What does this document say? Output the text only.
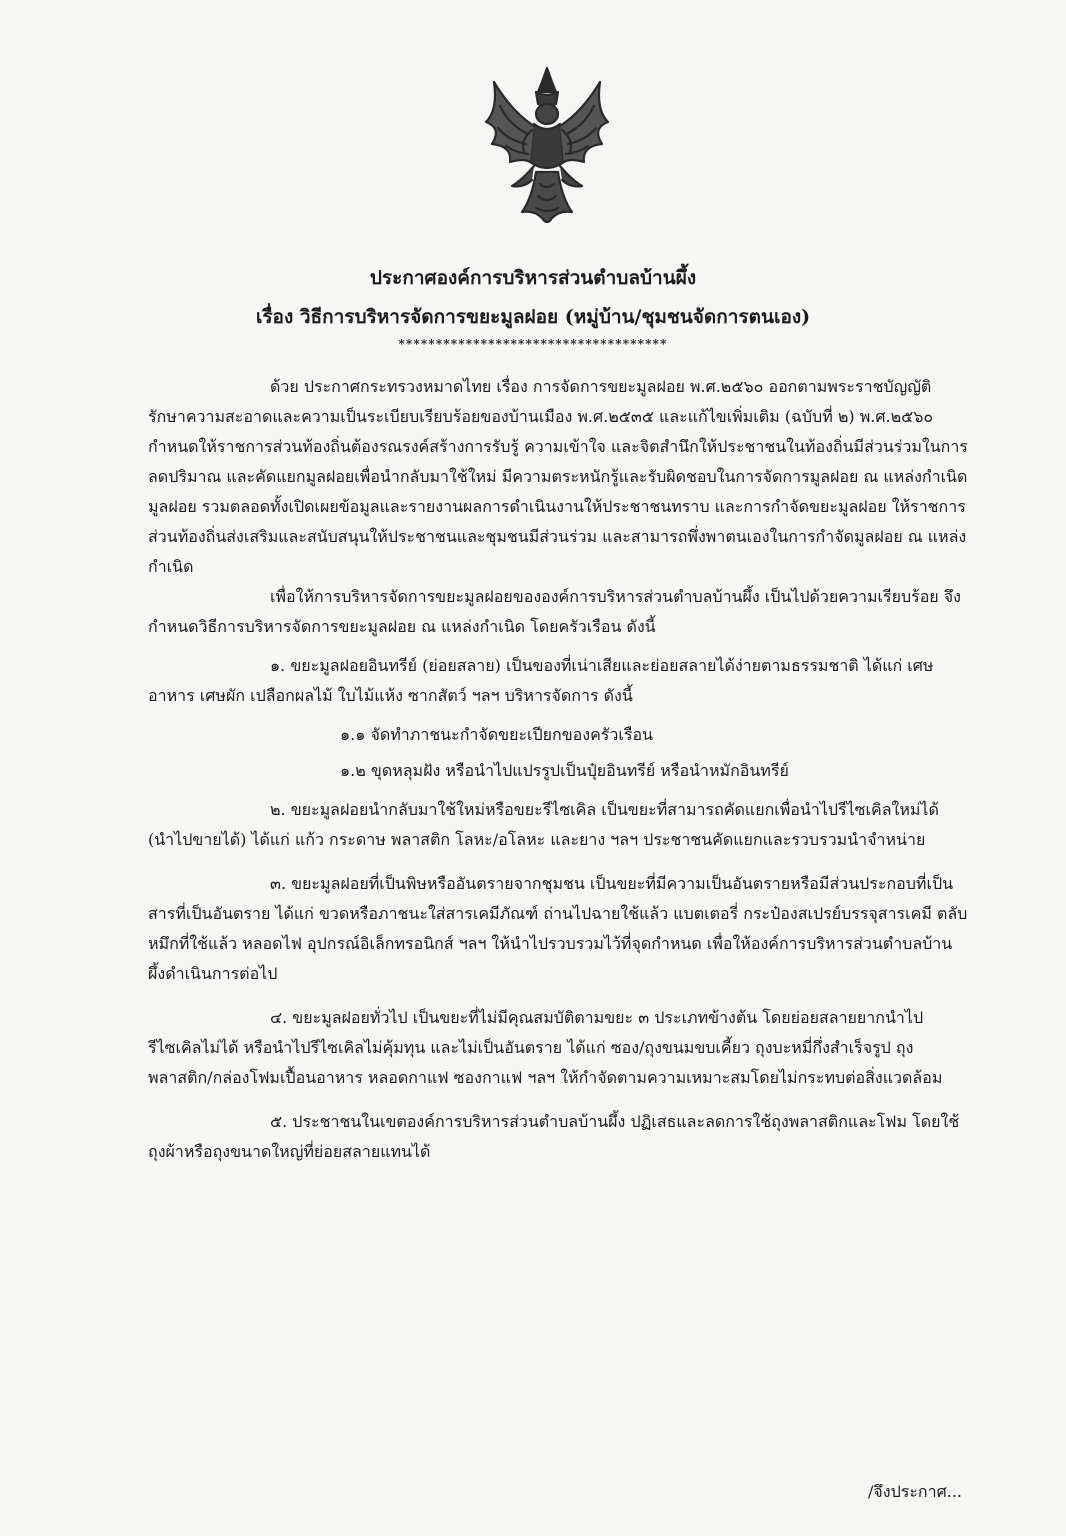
ประกาศองค์การบริหารส่วนตำบลบ้านผึ้ง
เรื่อง วิธีการบริหารจัดการขยะมูลฝอย (หมู่บ้าน/ชุมชนจัดการตนเอง)
************************************

ด้วย ประกาศกระทรวงหมาดไทย เรื่อง การจัดการขยะมูลฝอย พ.ศ.๒๕๖๐ ออกตามพระราชบัญญัติรักษาความสะอาดและความเป็นระเบียบเรียบร้อยของบ้านเมือง พ.ศ.๒๕๓๕ และแก้ไขเพิ่มเติม (ฉบับที่ ๒) พ.ศ.๒๕๖๐ กำหนดให้ราชการส่วนท้องถิ่นต้องรณรงค์สร้างการรับรู้ ความเข้าใจ และจิตสำนึกให้ประชาชนในท้องถิ่นมีส่วนร่วมในการลดปริมาณ และคัดแยกมูลฝอยเพื่อนำกลับมาใช้ใหม่ มีความตระหนักรู้และรับผิดชอบในการจัดการมูลฝอย ณ แหล่งกำเนิดมูลฝอย รวมตลอดทั้งเปิดเผยข้อมูลและรายงานผลการดำเนินงานให้ประชาชนทราบ และการกำจัดขยะมูลฝอย ให้ราชการส่วนท้องถิ่นส่งเสริมและสนับสนุนให้ประชาชนและชุมชนมีส่วนร่วม และสามารถพึ่งพาตนเองในการกำจัดมูลฝอย ณ แหล่งกำเนิด

เพื่อให้การบริหารจัดการขยะมูลฝอยขององค์การบริหารส่วนตำบลบ้านผึ้ง เป็นไปด้วยความเรียบร้อย จึงกำหนดวิธีการบริหารจัดการขยะมูลฝอย ณ แหล่งกำเนิด โดยครัวเรือน ดังนี้

๑. ขยะมูลฝอยอินทรีย์ (ย่อยสลาย) เป็นของที่เน่าเสียและย่อยสลายได้ง่ายตามธรรมชาติ ได้แก่ เศษอาหาร เศษผัก เปลือกผลไม้ ใบไม้แห้ง ซากสัตว์ ฯลฯ บริหารจัดการ ดังนี้

๑.๑ จัดทำภาชนะกำจัดขยะเปียกของครัวเรือน

๑.๒ ขุดหลุมฝัง หรือนำไปแปรรูปเป็นปุ๋ยอินทรีย์ หรือนำหมักอินทรีย์

๒. ขยะมูลฝอยนำกลับมาใช้ใหม่หรือขยะรีไซเคิล เป็นขยะที่สามารถคัดแยกเพื่อนำไปรีไซเคิลใหม่ได้ (นำไปขายได้) ได้แก่ แก้ว กระดาษ พลาสติก โลหะ/อโลหะ และยาง ฯลฯ ประชาชนคัดแยกและรวบรวมนำจำหน่าย

๓. ขยะมูลฝอยที่เป็นพิษหรืออันตรายจากชุมชน เป็นขยะที่มีความเป็นอันตรายหรือมีส่วนประกอบที่เป็นสารที่เป็นอันตราย ได้แก่ ขวดหรือภาชนะใส่สารเคมีภัณฑ์ ถ่านไปฉายใช้แล้ว แบตเตอรี่ กระป๋องสเปรย์บรรจุสารเคมี ตลับหมึกที่ใช้แล้ว หลอดไฟ อุปกรณ์อิเล็กทรอนิกส์ ฯลฯ ให้นำไปรวบรวมไว้ที่จุดกำหนด เพื่อให้องค์การบริหารส่วนตำบลบ้านผึ้งดำเนินการต่อไป

๔. ขยะมูลฝอยทั่วไป เป็นขยะที่ไม่มีคุณสมบัติตามขยะ ๓ ประเภทข้างต้น โดยย่อยสลายยากนำไปรีไซเคิลไม่ได้ หรือนำไปรีไซเคิลไม่คุ้มทุน และไม่เป็นอันตราย ได้แก่ ซอง/ถุงขนมขบเคี้ยว ถุงบะหมี่กึ่งสำเร็จรูป ถุงพลาสติก/กล่องโฟมเปื้อนอาหาร หลอดกาแฟ ซองกาแฟ ฯลฯ ให้กำจัดตามความเหมาะสมโดยไม่กระทบต่อสิ่งแวดล้อม

๕. ประชาชนในเขตองค์การบริหารส่วนตำบลบ้านผึ้ง ปฏิเสธและลดการใช้ถุงพลาสติกและโฟม โดยใช้ถุงผ้าหรือถุงขนาดใหญ่ที่ย่อยสลายแทนได้

/จึงประกาศ...
